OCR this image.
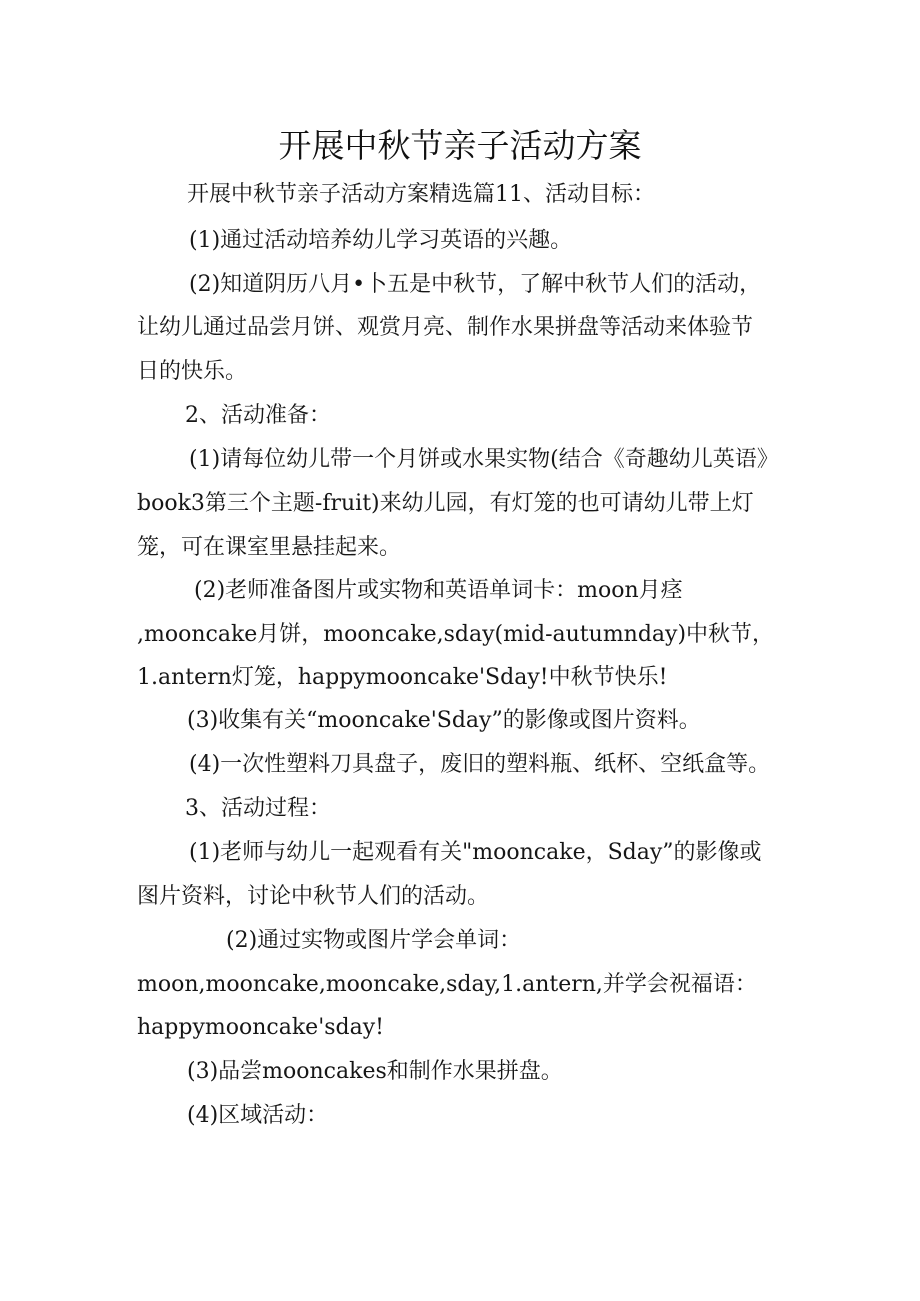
开展中秋节亲子活动方案
开展中秋节亲子活动方案精选篇11、活动目标：
(1)通过活动培养幼儿学习英语的兴趣。
(2)知道阴历八月•卜五是中秋节，了解中秋节人们的活动，
让幼儿通过品尝月饼、观赏月亮、制作水果拼盘等活动来体验节
日的快乐。
2、活动准备：
(1)请每位幼儿带一个月饼或水果实物(结合《奇趣幼儿英语》
book3第三个主题-fruit)来幼儿园，有灯笼的也可请幼儿带上灯
笼，可在课室里悬挂起来。
(2)老师准备图片或实物和英语单词卡：moon月痉
,mooncake月饼，mooncake,sday(mid-autumnday)中秋节，
1.antern灯笼，happymooncake'Sday!中秋节快乐!
(3)收集有关“mooncake'Sday”的影像或图片资料。
(4)一次性塑料刀具盘子，废旧的塑料瓶、纸杯、空纸盒等。
3、活动过程：
(1)老师与幼儿一起观看有关"mooncake，Sday”的影像或
图片资料，讨论中秋节人们的活动。
(2)通过实物或图片学会单词：
moon,mooncake,mooncake,sday,1.antern,并学会祝福语：
happymooncake'sday!
(3)品尝mooncakes和制作水果拼盘。
(4)区域活动：
